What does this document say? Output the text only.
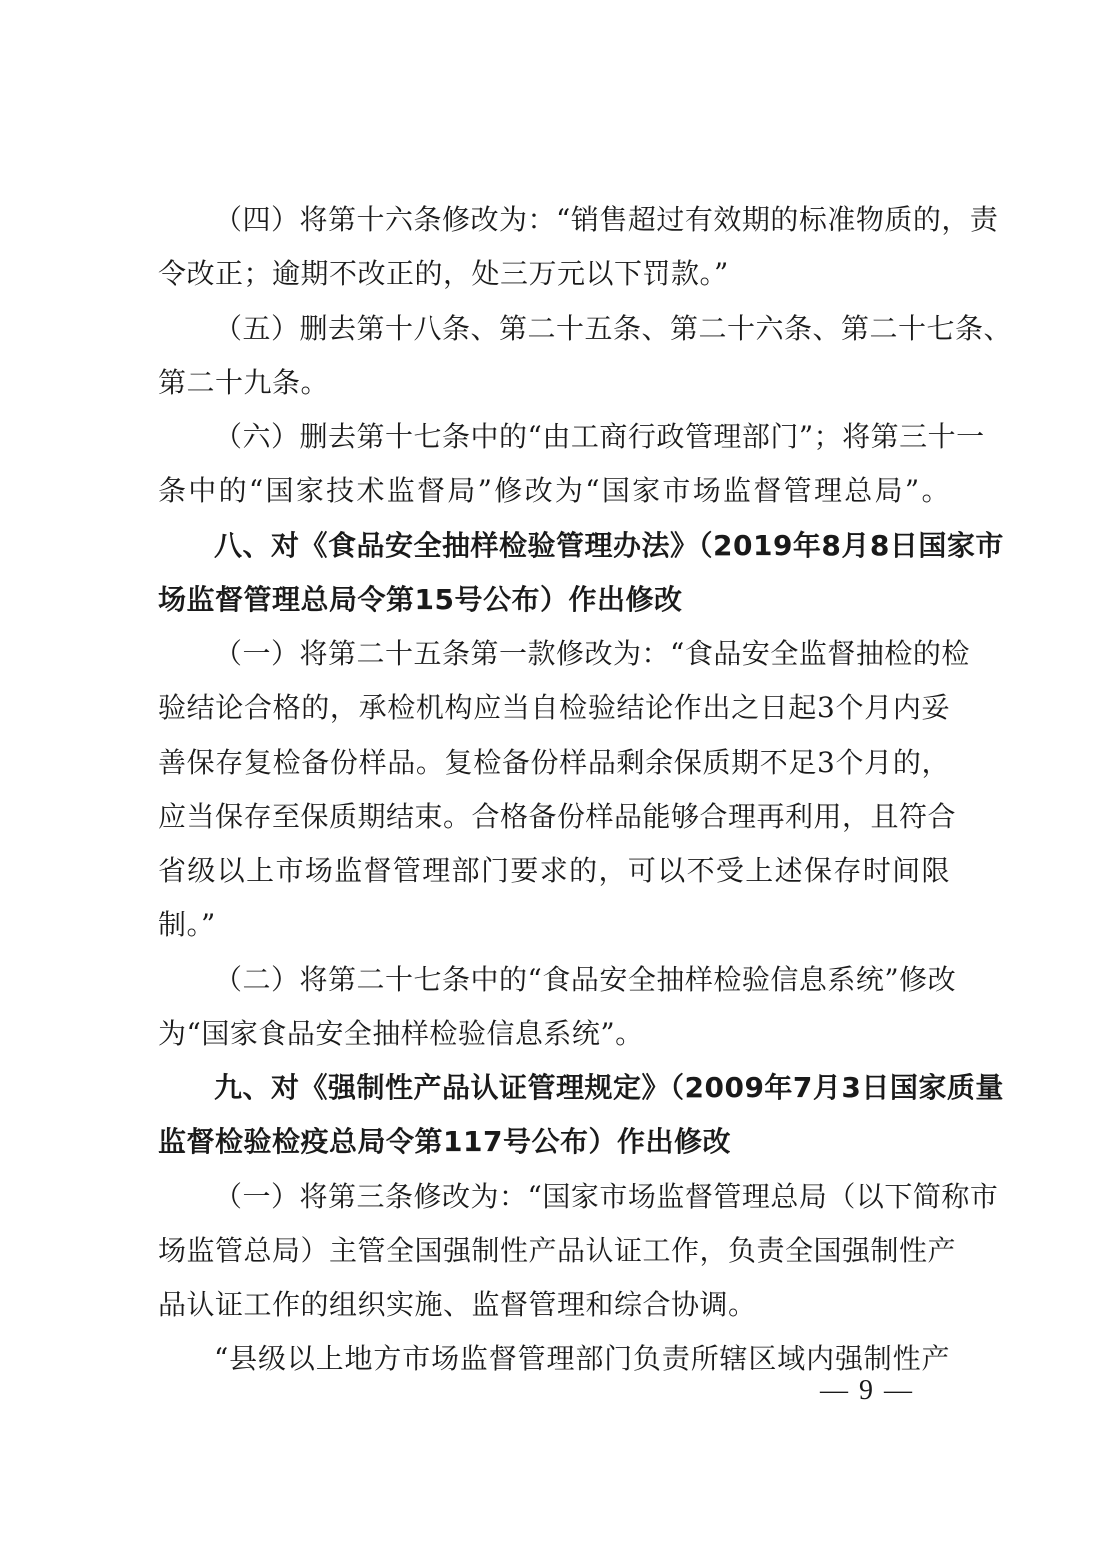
（四）将第十六条修改为：“销售超过有效期的标准物质的，责
令改正；逾期不改正的，处三万元以下罚款。”
（五）删去第十八条、第二十五条、第二十六条、第二十七条、
第二十九条。
（六）删去第十七条中的“由工商行政管理部门”；将第三十一
条中的“国家技术监督局”修改为“国家市场监督管理总局”。
八、对《食品安全抽样检验管理办法》（2019年8月8日国家市
场监督管理总局令第15号公布）作出修改
（一）将第二十五条第一款修改为：“食品安全监督抽检的检
验结论合格的，承检机构应当自检验结论作出之日起3个月内妥
善保存复检备份样品。复检备份样品剩余保质期不足3个月的，
应当保存至保质期结束。合格备份样品能够合理再利用，且符合
省级以上市场监督管理部门要求的，可以不受上述保存时间限
制。”
（二）将第二十七条中的“食品安全抽样检验信息系统”修改
为“国家食品安全抽样检验信息系统”。
九、对《强制性产品认证管理规定》（2009年7月3日国家质量
监督检验检疫总局令第117号公布）作出修改
（一）将第三条修改为：“国家市场监督管理总局（以下简称市
场监管总局）主管全国强制性产品认证工作，负责全国强制性产
品认证工作的组织实施、监督管理和综合协调。
“县级以上地方市场监督管理部门负责所辖区域内强制性产
— 9 —
